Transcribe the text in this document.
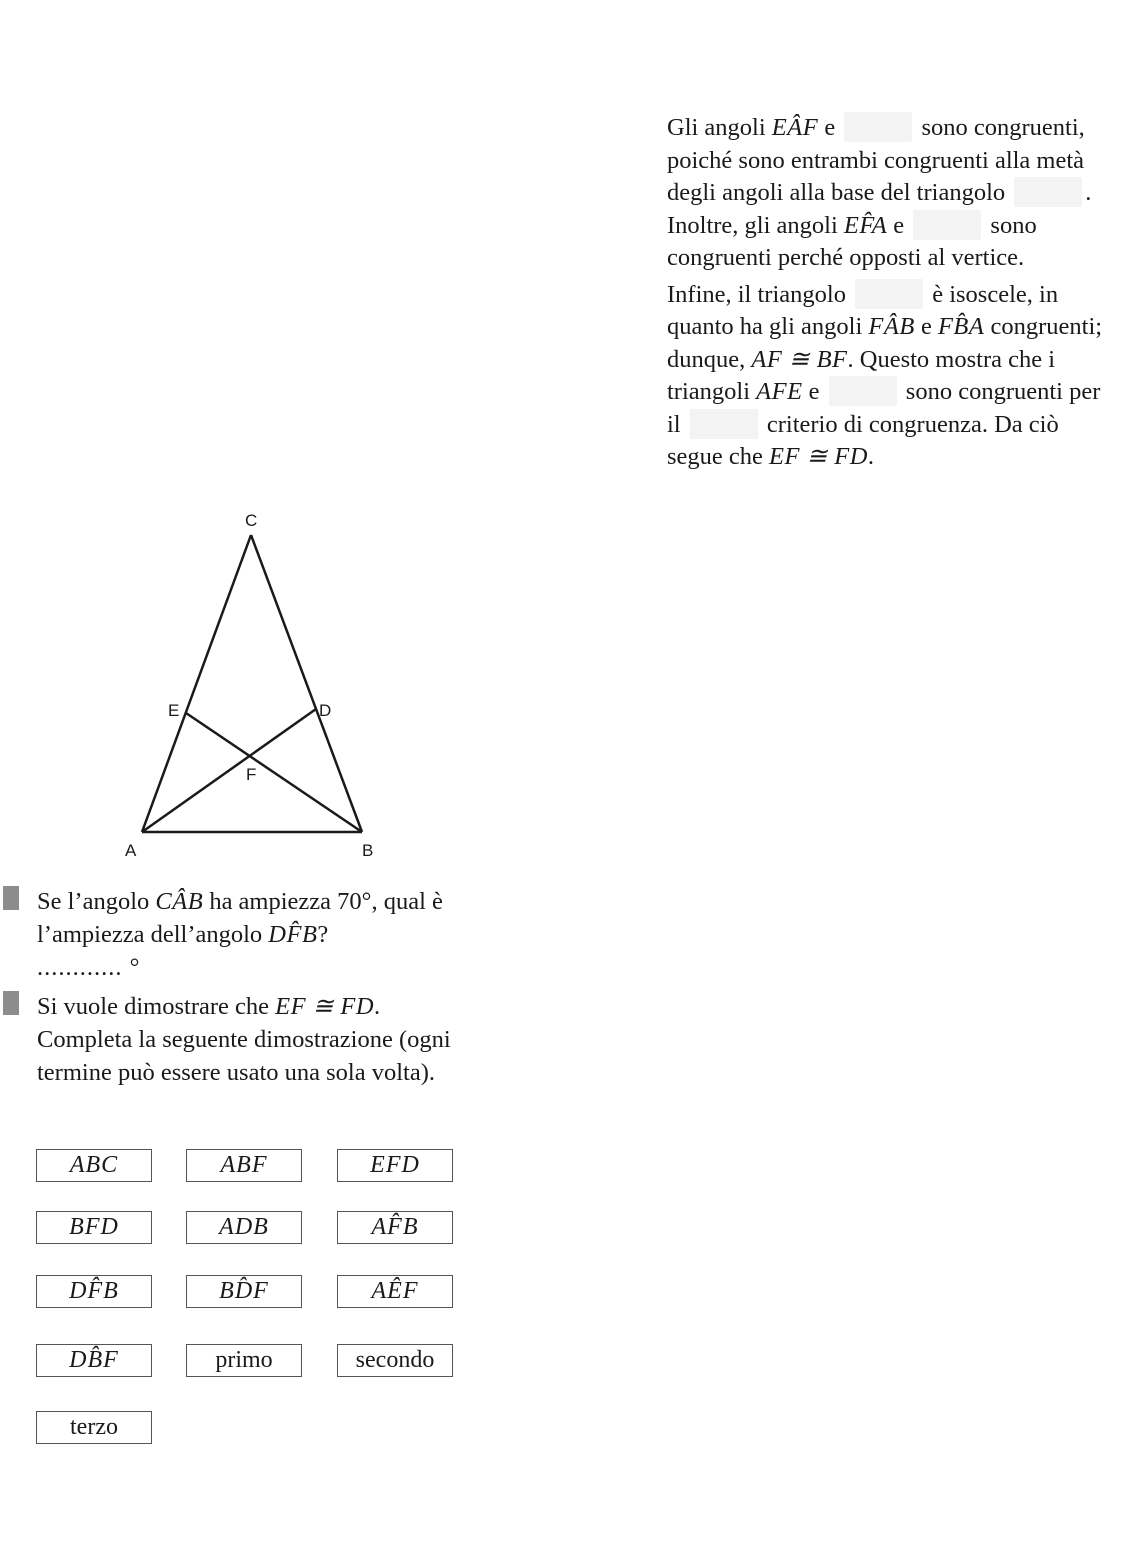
Gli angoli EÂF e	sono congruenti, poiché sono entrambi congruenti alla metà degli angoli alla base del triangolo	. Inoltre, gli angoli EF̂A e	sono congruenti perché opposti al vertice.

Infine, il triangolo	è isoscele, in quanto ha gli angoli FÂB e FB̂A congruenti; dunque, AF ≅ BF. Questo mostra che i triangoli AFE e	sono congruenti per il	criterio di congruenza. Da ciò segue che EF ≅ FD.

C
E	D
F
A	B
Se l’angolo CÂB ha ampiezza 70°, qual è l’ampiezza dell’angolo DF̂B?
............ °
Si vuole dimostrare che EF ≅ FD. Completa la seguente dimostrazione (ogni termine può essere usato una sola volta).
ABC	ABF	EFD
BFD	ADB	AF̂B
DF̂B	BD̂F	AÊF
DB̂F	primo	secondo
terzo
